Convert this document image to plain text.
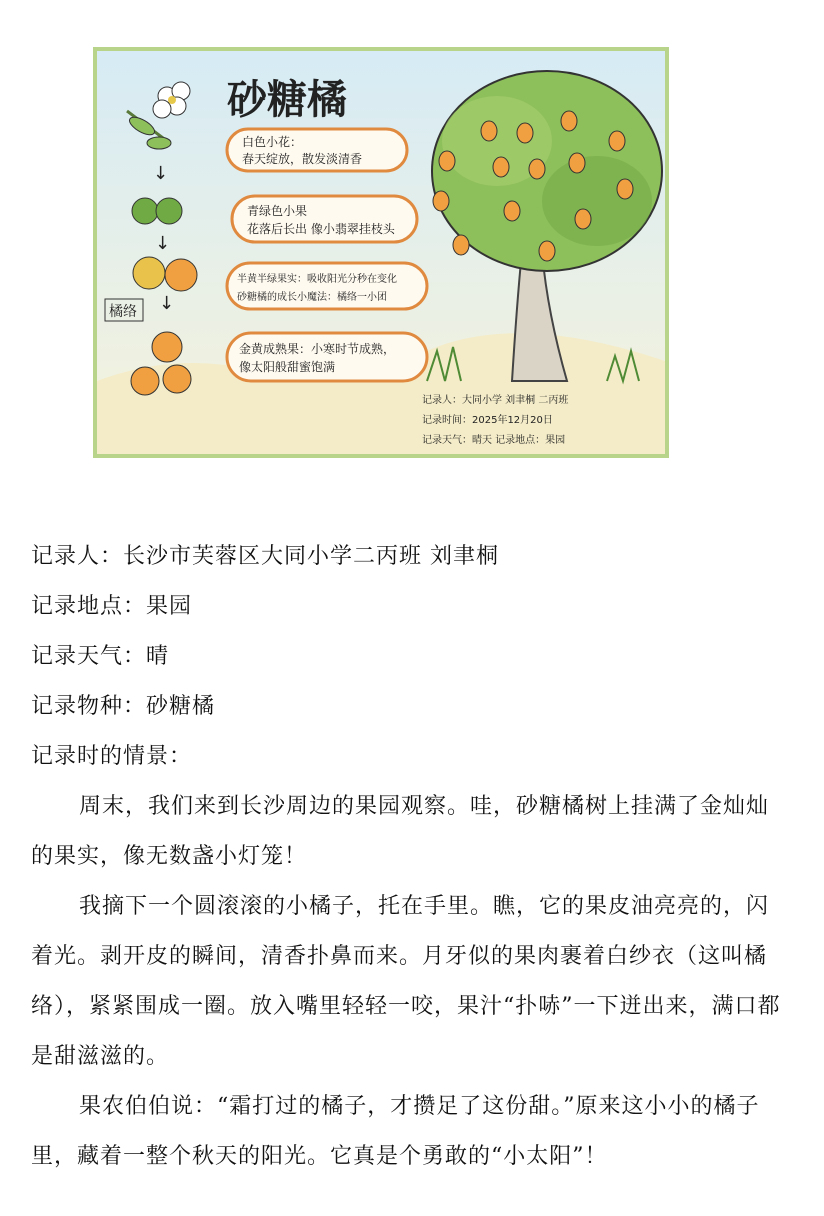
砂糖橘
↓
↓
↓
橘络
白色小花：
春天绽放，散发淡清香
青绿色小果
花落后长出 像小翡翠挂枝头
半黄半绿果实：吸收阳光分秒在变化
砂糖橘的成长小魔法：橘络一小团
金黄成熟果：小寒时节成熟，
像太阳般甜蜜饱满
记录人：大同小学 刘聿桐 二丙班
记录时间：2025年12月20日
记录天气：晴天 记录地点：果园

记录人：长沙市芙蓉区大同小学二丙班 刘聿桐

记录地点：果园

记录天气：晴

记录物种：砂糖橘

记录时的情景：

周末，我们来到长沙周边的果园观察。哇，砂糖橘树上挂满了金灿灿的果实，像无数盏小灯笼！

我摘下一个圆滚滚的小橘子，托在手里。瞧，它的果皮油亮亮的，闪着光。剥开皮的瞬间，清香扑鼻而来。月牙似的果肉裹着白纱衣（这叫橘络），紧紧围成一圈。放入嘴里轻轻一咬，果汁“扑哧”一下迸出来，满口都是甜滋滋的。

果农伯伯说：“霜打过的橘子，才攒足了这份甜。”原来这小小的橘子里，藏着一整个秋天的阳光。它真是个勇敢的“小太阳”！
